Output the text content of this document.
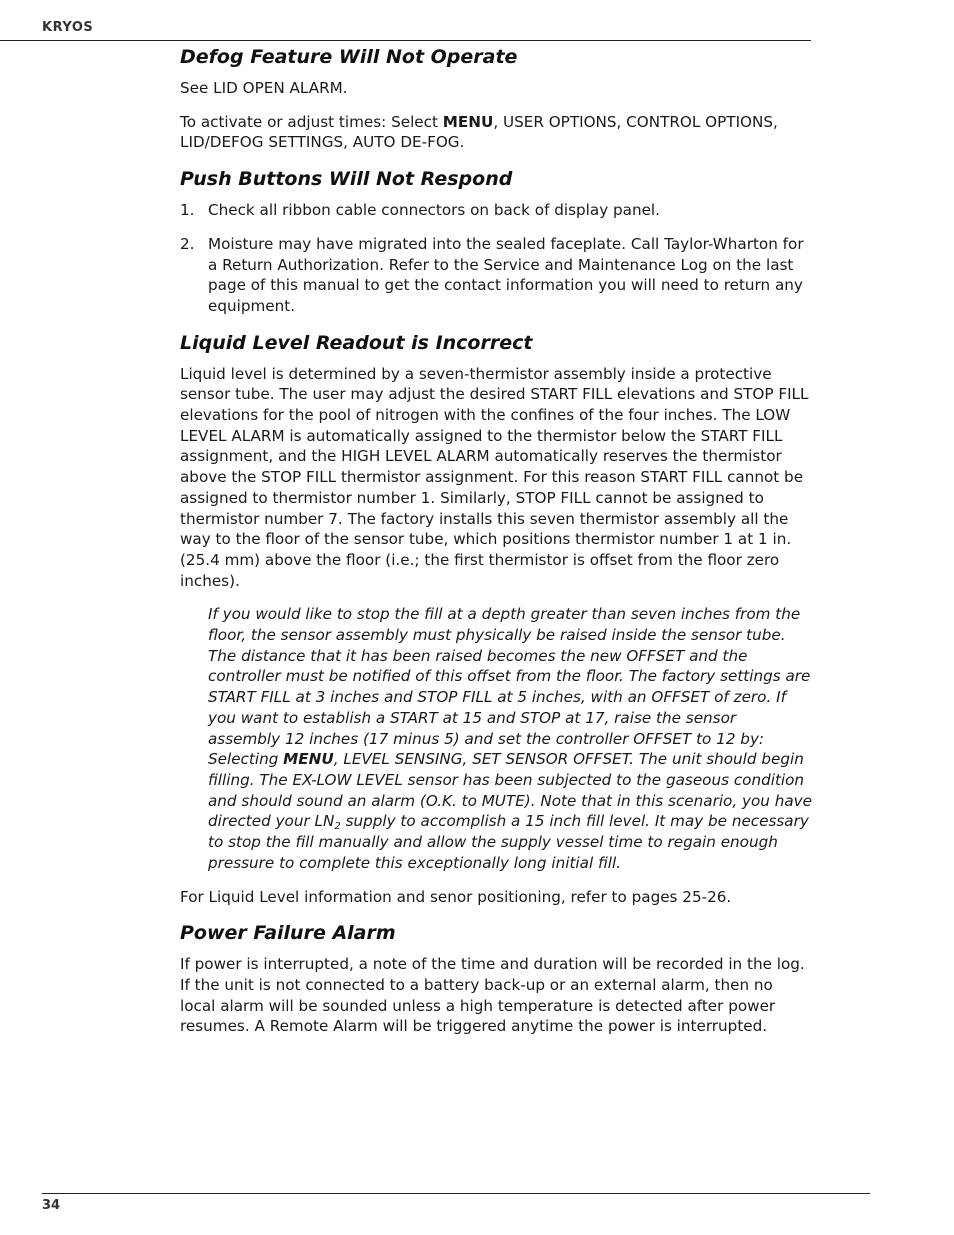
KRYOS
Defog Feature Will Not Operate

See LID OPEN ALARM.

To activate or adjust times: Select MENU, USER OPTIONS, CONTROL OPTIONS, LID/DEFOG SETTINGS, AUTO DE-FOG.

Push Buttons Will Not Respond
1. Check all ribbon cable connectors on back of display panel.
2. Moisture may have migrated into the sealed faceplate. Call Taylor-Wharton for a Return Authorization. Refer to the Service and Maintenance Log on the last page of this manual to get the contact information you will need to return any equipment.
Liquid Level Readout is Incorrect

Liquid level is determined by a seven-thermistor assembly inside a protective sensor tube. The user may adjust the desired START FILL elevations and STOP FILL elevations for the pool of nitrogen with the confines of the four inches. The LOW LEVEL ALARM is automatically assigned to the thermistor below the START FILL assignment, and the HIGH LEVEL ALARM automatically reserves the thermistor above the STOP FILL thermistor assignment. For this reason START FILL cannot be assigned to thermistor number 1. Similarly, STOP FILL cannot be assigned to thermistor number 7. The factory installs this seven thermistor assembly all the way to the floor of the sensor tube, which positions thermistor number 1 at 1 in. (25.4 mm) above the floor (i.e.; the first thermistor is offset from the floor zero inches).

If you would like to stop the fill at a depth greater than seven inches from the floor, the sensor assembly must physically be raised inside the sensor tube. The distance that it has been raised becomes the new OFFSET and the controller must be notified of this offset from the floor. The factory settings are START FILL at 3 inches and STOP FILL at 5 inches, with an OFFSET of zero. If you want to establish a START at 15 and STOP at 17, raise the sensor assembly 12 inches (17 minus 5) and set the controller OFFSET to 12 by: Selecting MENU, LEVEL SENSING, SET SENSOR OFFSET. The unit should begin filling. The EX-LOW LEVEL sensor has been subjected to the gaseous condition and should sound an alarm (O.K. to MUTE). Note that in this scenario, you have directed your $LN_2$ supply to accomplish a 15 inch fill level. It may be necessary to stop the fill manually and allow the supply vessel time to regain enough pressure to complete this exceptionally long initial fill.

For Liquid Level information and senor positioning, refer to pages 25-26.

Power Failure Alarm

If power is interrupted, a note of the time and duration will be recorded in the log. If the unit is not connected to a battery back-up or an external alarm, then no local alarm will be sounded unless a high temperature is detected after power resumes. A Remote Alarm will be triggered anytime the power is interrupted.

34
